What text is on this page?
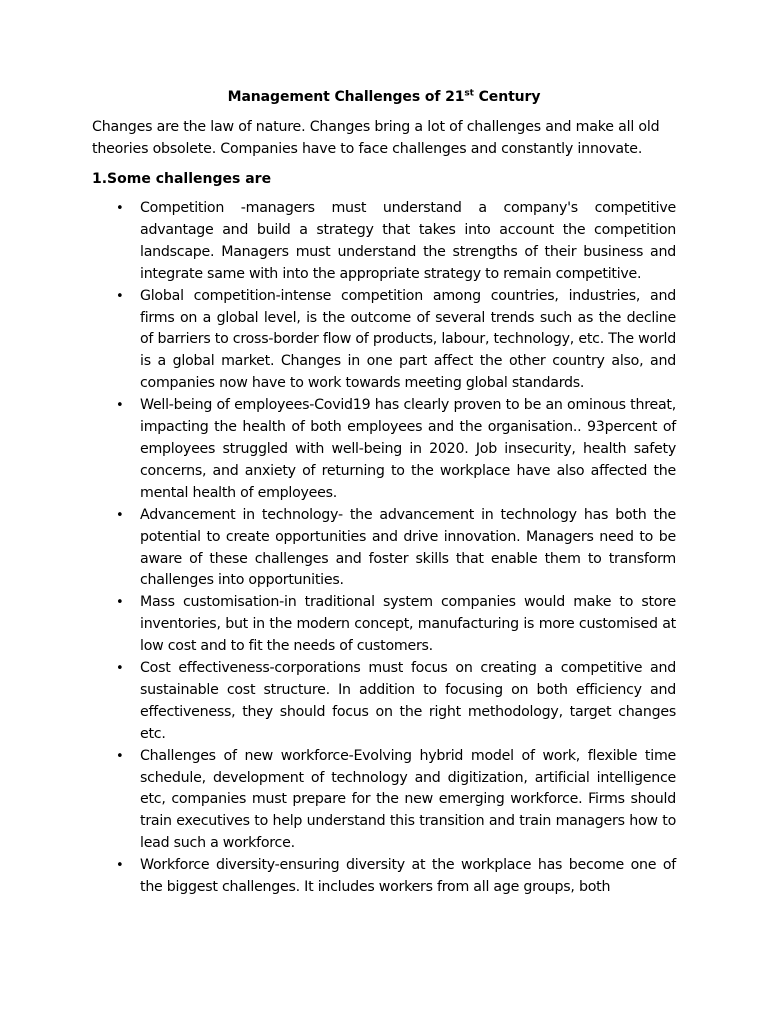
Management Challenges of 21st Century

Changes are the law of nature. Changes bring a lot of challenges and make all old theories obsolete. Companies have to face challenges and constantly innovate.

1.Some challenges are

• Competition -managers must understand a company's competitive advantage and build a strategy that takes into account the competition landscape. Managers must understand the strengths of their business and integrate same with into the appropriate strategy to remain competitive.
• Global competition-intense competition among countries, industries, and firms on a global level, is the outcome of several trends such as the decline of barriers to cross-border flow of products, labour, technology, etc. The world is a global market. Changes in one part affect the other country also, and companies now have to work towards meeting global standards.
• Well-being of employees-Covid19 has clearly proven to be an ominous threat, impacting the health of both employees and the organisation.. 93percent of employees struggled with well-being in 2020. Job insecurity, health safety concerns, and anxiety of returning to the workplace have also affected the mental health of employees.
• Advancement in technology- the advancement in technology has both the potential to create opportunities and drive innovation. Managers need to be aware of these challenges and foster skills that enable them to transform challenges into opportunities.
• Mass customisation-in traditional system companies would make to store inventories, but in the modern concept, manufacturing is more customised at low cost and to fit the needs of customers.
• Cost effectiveness-corporations must focus on creating a competitive and sustainable cost structure. In addition to focusing on both efficiency and effectiveness, they should focus on the right methodology, target changes etc.
• Challenges of new workforce-Evolving hybrid model of work, flexible time schedule, development of technology and digitization, artificial intelligence etc, companies must prepare for the new emerging workforce. Firms should train executives to help understand this transition and train managers how to lead such a workforce.
• Workforce diversity-ensuring diversity at the workplace has become one of the biggest challenges. It includes workers from all age groups, both
